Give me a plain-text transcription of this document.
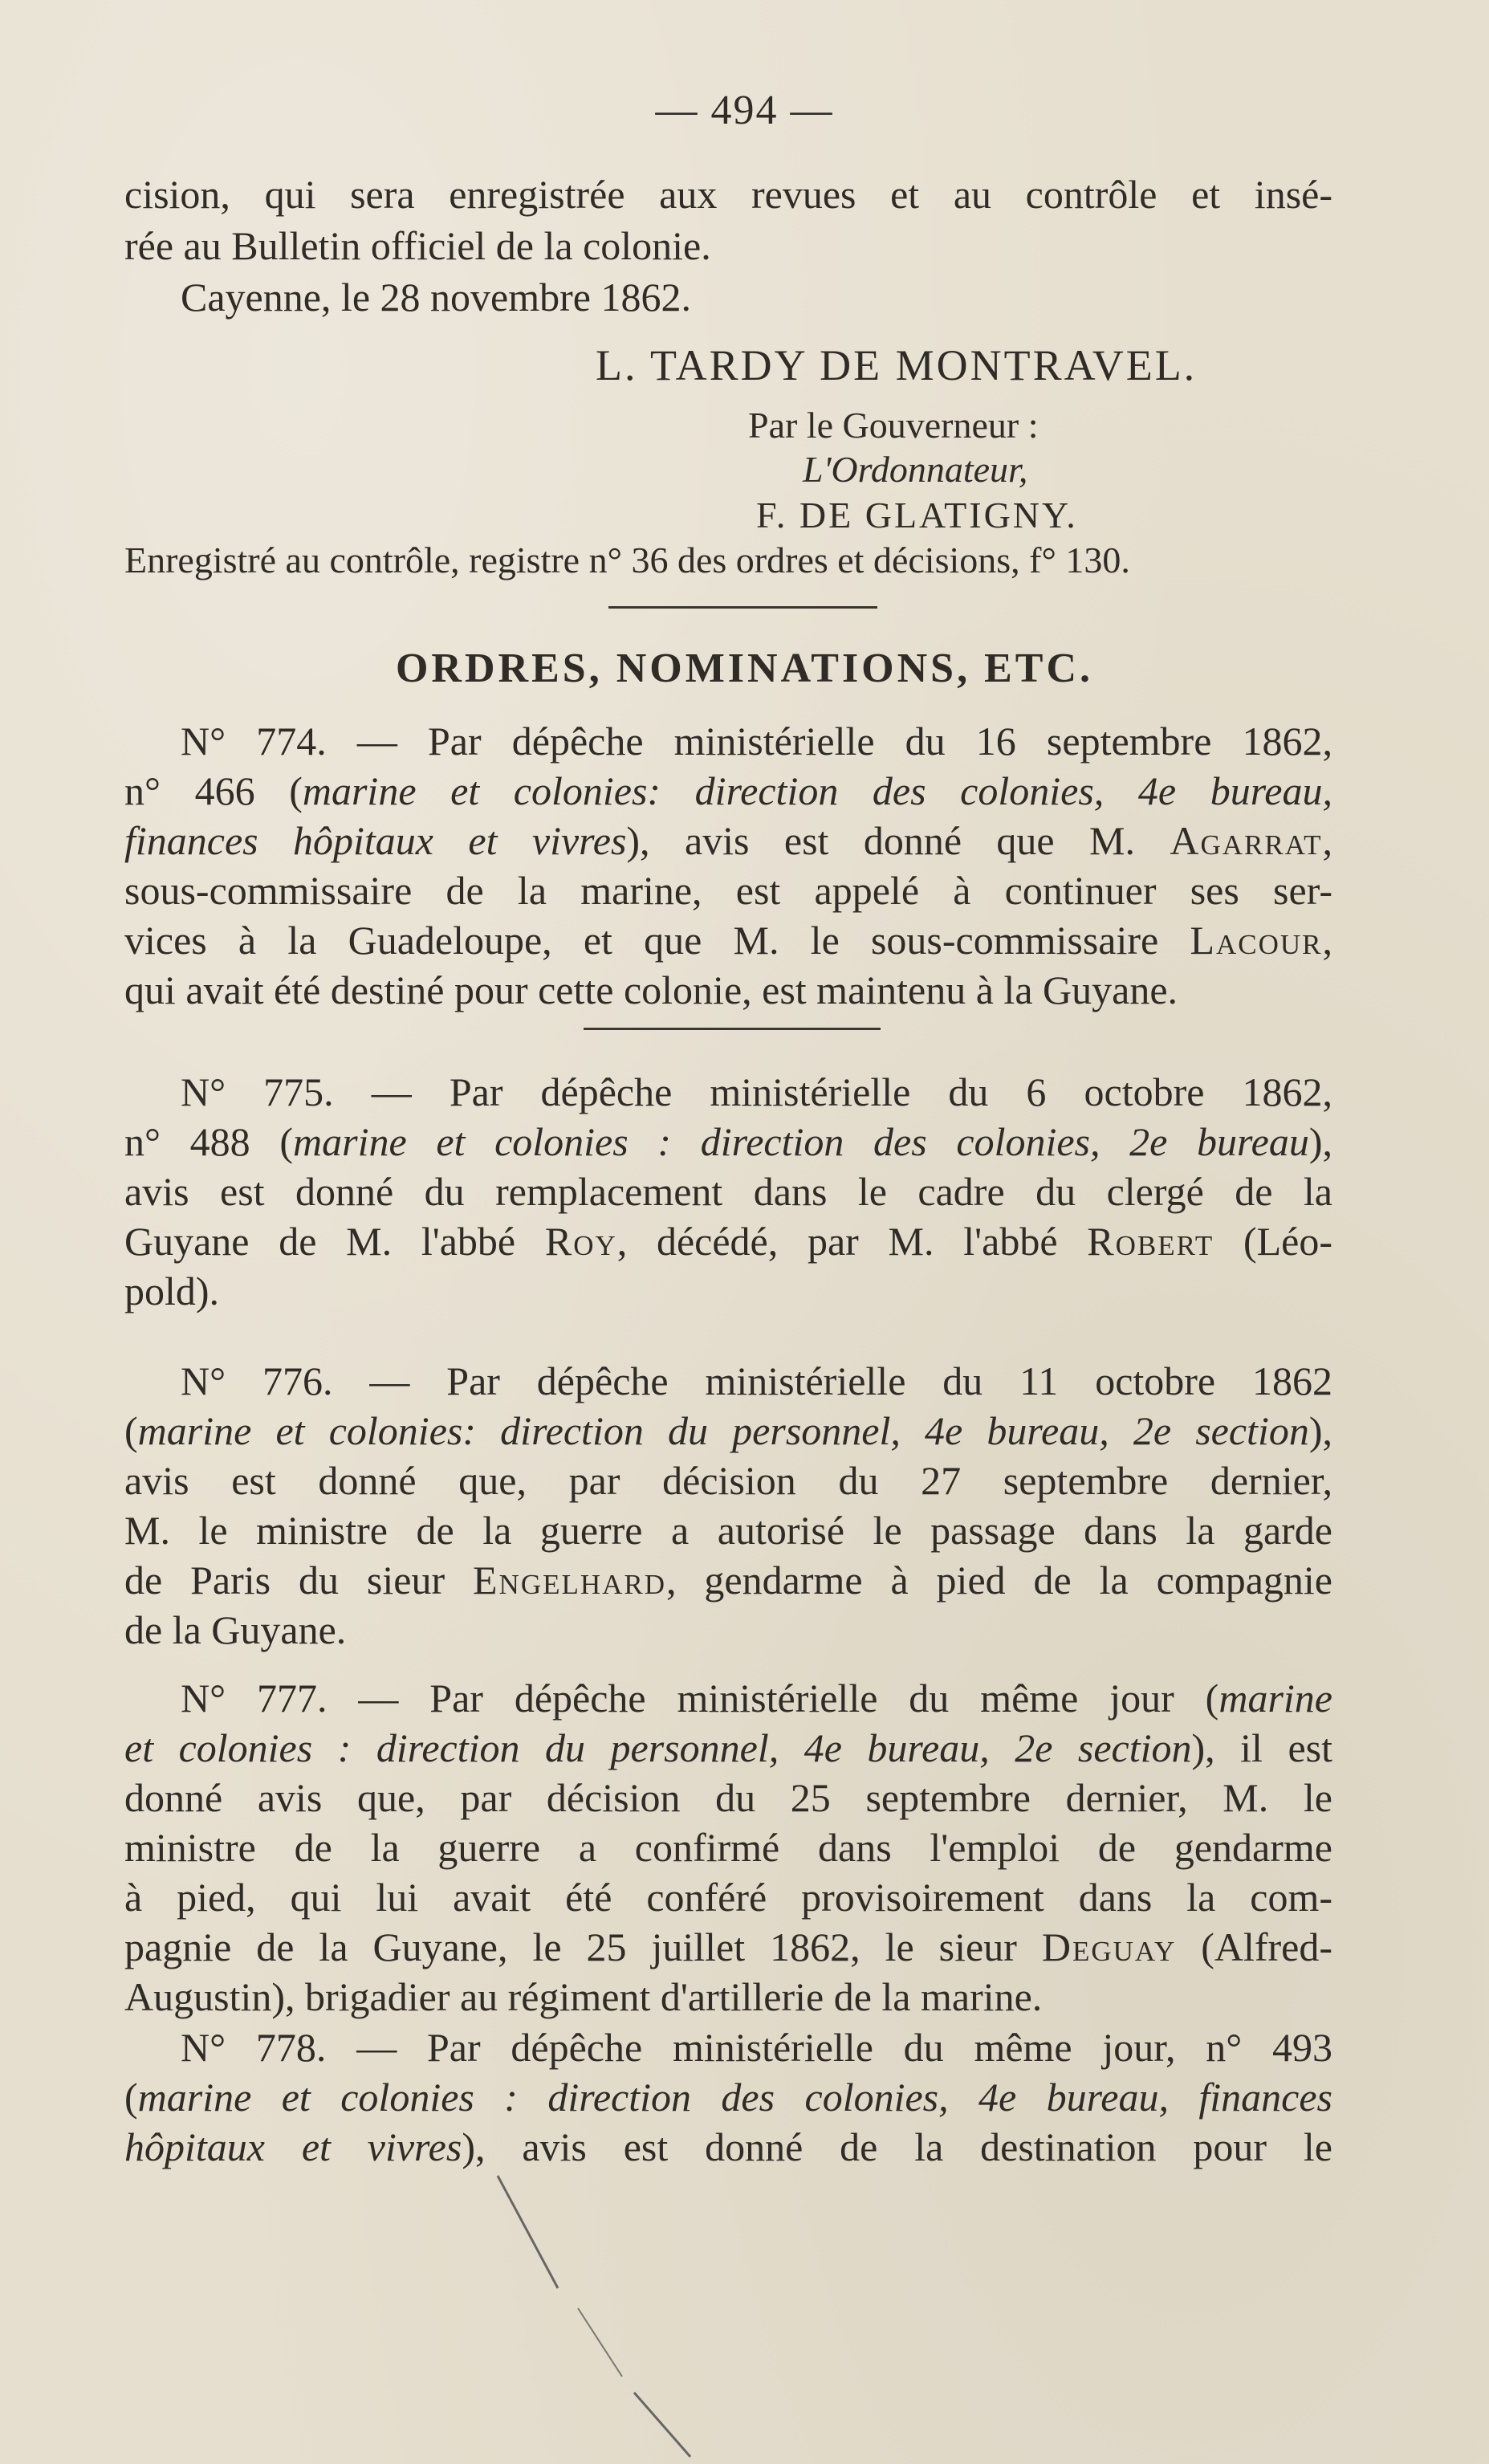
— 494 —
cision, qui sera enregistrée aux revues et au contrôle et insé-
rée au Bulletin officiel de la colonie.
Cayenne, le 28 novembre 1862.
L. TARDY DE MONTRAVEL.
Par le Gouverneur :
L'Ordonnateur,
F. DE GLATIGNY.
Enregistré au contrôle, registre n° 36 des ordres et décisions, f° 130.
ORDRES, NOMINATIONS, ETC.
N° 774. — Par dépêche ministérielle du 16 septembre 1862,
n° 466 (marine et colonies: direction des colonies, 4e bureau,
finances hôpitaux et vivres), avis est donné que M. Agarrat,
sous-commissaire de la marine, est appelé à continuer ses ser-
vices à la Guadeloupe, et que M. le sous-commissaire Lacour,
qui avait été destiné pour cette colonie, est maintenu à la Guyane.
N° 775. — Par dépêche ministérielle du 6 octobre 1862,
n° 488 (marine et colonies : direction des colonies, 2e bureau),
avis est donné du remplacement dans le cadre du clergé de la
Guyane de M. l'abbé Roy, décédé, par M. l'abbé Robert (Léo-
pold).
N° 776. — Par dépêche ministérielle du 11 octobre 1862
(marine et colonies: direction du personnel, 4e bureau, 2e section),
avis est donné que, par décision du 27 septembre dernier,
M. le ministre de la guerre a autorisé le passage dans la garde
de Paris du sieur Engelhard, gendarme à pied de la compagnie
de la Guyane.
N° 777. — Par dépêche ministérielle du même jour (marine
et colonies : direction du personnel, 4e bureau, 2e section), il est
donné avis que, par décision du 25 septembre dernier, M. le
ministre de la guerre a confirmé dans l'emploi de gendarme
à pied, qui lui avait été conféré provisoirement dans la com-
pagnie de la Guyane, le 25 juillet 1862, le sieur Deguay (Alfred-
Augustin), brigadier au régiment d'artillerie de la marine.
N° 778. — Par dépêche ministérielle du même jour, n° 493
(marine et colonies : direction des colonies, 4e bureau, finances
hôpitaux et vivres), avis est donné de la destination pour le
